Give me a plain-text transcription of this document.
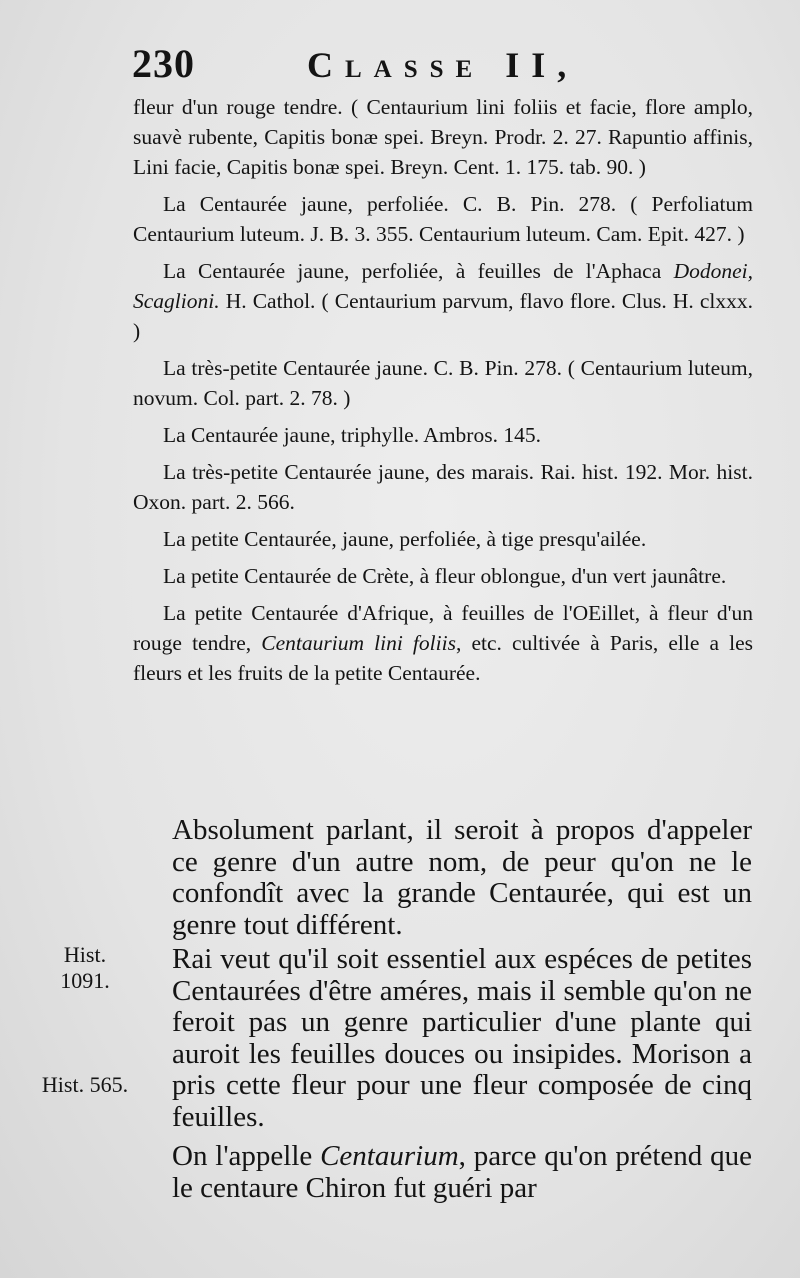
230	Classe II,

fleur d'un rouge tendre. ( Centaurium lini foliis et facie, flore amplo, suavè rubente, Capitis bonæ spei. Breyn. Prodr. 2. 27. Rapuntio affinis, Lini facie, Capitis bonæ spei. Breyn. Cent. 1. 175. tab. 90. )

La Centaurée jaune, perfoliée. C. B. Pin. 278. ( Perfoliatum Centaurium luteum. J. B. 3. 355. Centaurium luteum. Cam. Epit. 427. )

La Centaurée jaune, perfoliée, à feuilles de l'Aphaca Dodonei, Scaglioni. H. Cathol. ( Centaurium parvum, flavo flore. Clus. H. clxxx. )

La très-petite Centaurée jaune. C. B. Pin. 278. ( Centaurium luteum, novum. Col. part. 2. 78. )

La Centaurée jaune, triphylle. Ambros. 145.

La très-petite Centaurée jaune, des marais. Rai. hist. 192. Mor. hist. Oxon. part. 2. 566.

La petite Centaurée, jaune, perfoliée, à tige presqu'ailée.

La petite Centaurée de Crète, à fleur oblongue, d'un vert jaunâtre.

La petite Centaurée d'Afrique, à feuilles de l'OEillet, à fleur d'un rouge tendre, Centaurium lini foliis, etc. cultivée à Paris, elle a les fleurs et les fruits de la petite Centaurée.

Absolument parlant, il seroit à propos d'appeler ce genre d'un autre nom, de peur qu'on ne le confondît avec la grande Centaurée, qui est un genre tout différent.

Rai veut qu'il soit essentiel aux espéces de petites Centaurées d'être améres, mais il semble qu'on ne feroit pas un genre particulier d'une plante qui auroit les feuilles douces ou insipides. Morison a pris cette fleur pour une fleur composée de cinq feuilles.

On l'appelle Centaurium, parce qu'on prétend que le centaure Chiron fut guéri par

Hist. 1091.
Hist. 565.
